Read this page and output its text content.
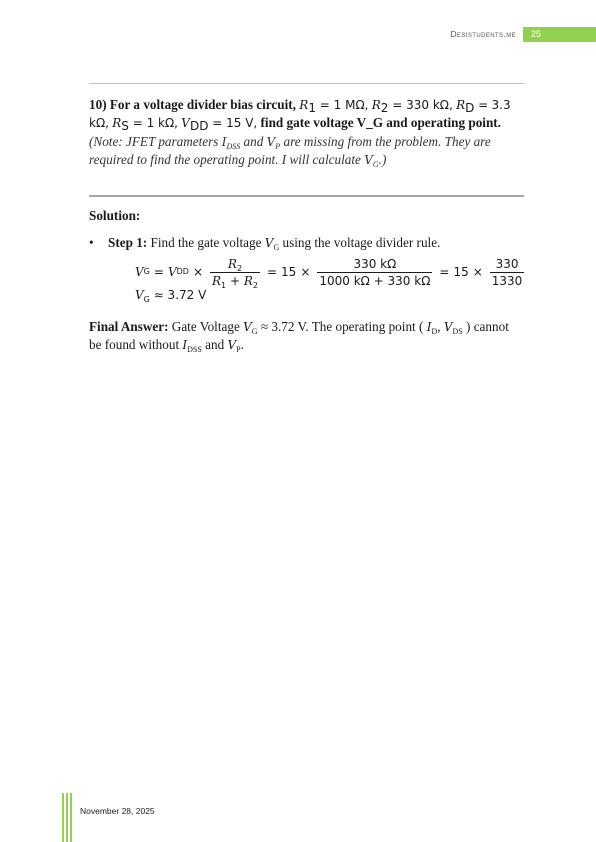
Desistudents.me	25
10) For a voltage divider bias circuit, $R_1 = 1$ MΩ, $R_2 = 330$ kΩ, $R_D = 3.3$ kΩ, $R_S = 1$ kΩ, $V_{DD} = 15$ V, find gate voltage V_G and operating point.
(Note: JFET parameters $I_{DSS}$ and $V_P$ are missing from the problem. They are required to find the operating point. I will calculate $V_G$.)
Solution:
• Step 1: Find the gate voltage $V_G$ using the voltage divider rule.
V G = V DD × $\frac{R_2}{R_1 + R_2} = 15 \times \frac{330 k\Omega}{1000 k\Omega + 330 k\Omega} = 15 \times \frac{330}{1330}$
$V_G \approx 3.72$ V
Final Answer: Gate Voltage $V_G \approx 3.72$ V. The operating point ( $I_D$, $V_{DS}$ ) cannot be found without $I_{DSS}$ and $V_P$.
November 28, 2025
